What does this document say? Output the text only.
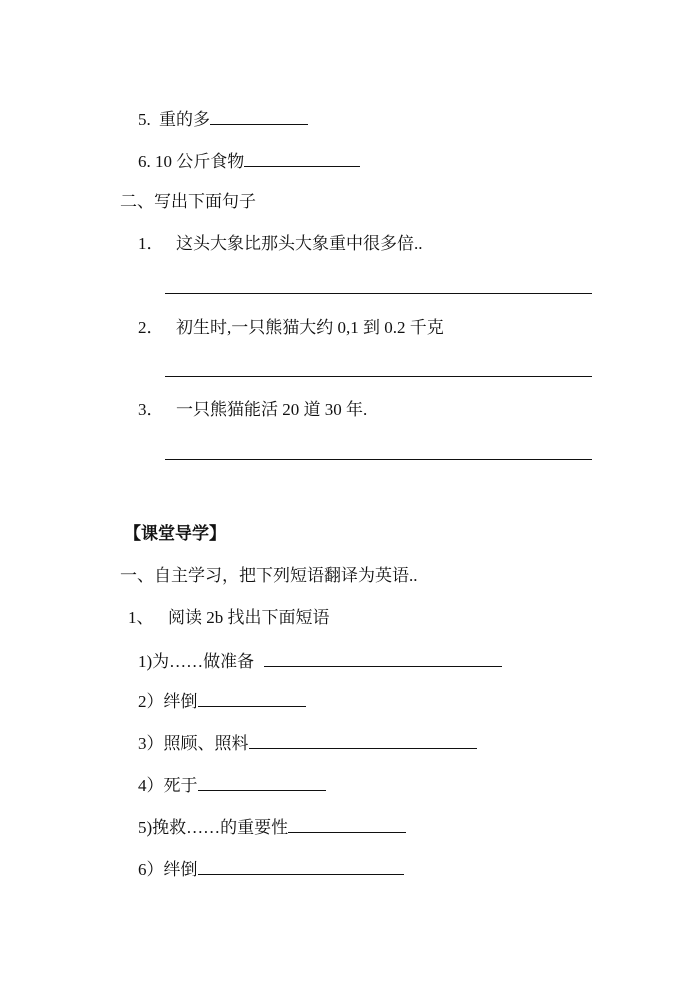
5. 重的多
6. 10 公斤食物
二、写出下面句子
1． 这头大象比那头大象重中很多倍..
2． 初生时,一只熊猫大约 0,1 到 0.2 千克
3． 一只熊猫能活 20 道 30 年.
【课堂导学】
一、自主学习，把下列短语翻译为英语..
1、 阅读 2b 找出下面短语
1)为……做准备
2）绊倒
3）照顾、照料
4）死于
5)挽救……的重要性
6）绊倒
